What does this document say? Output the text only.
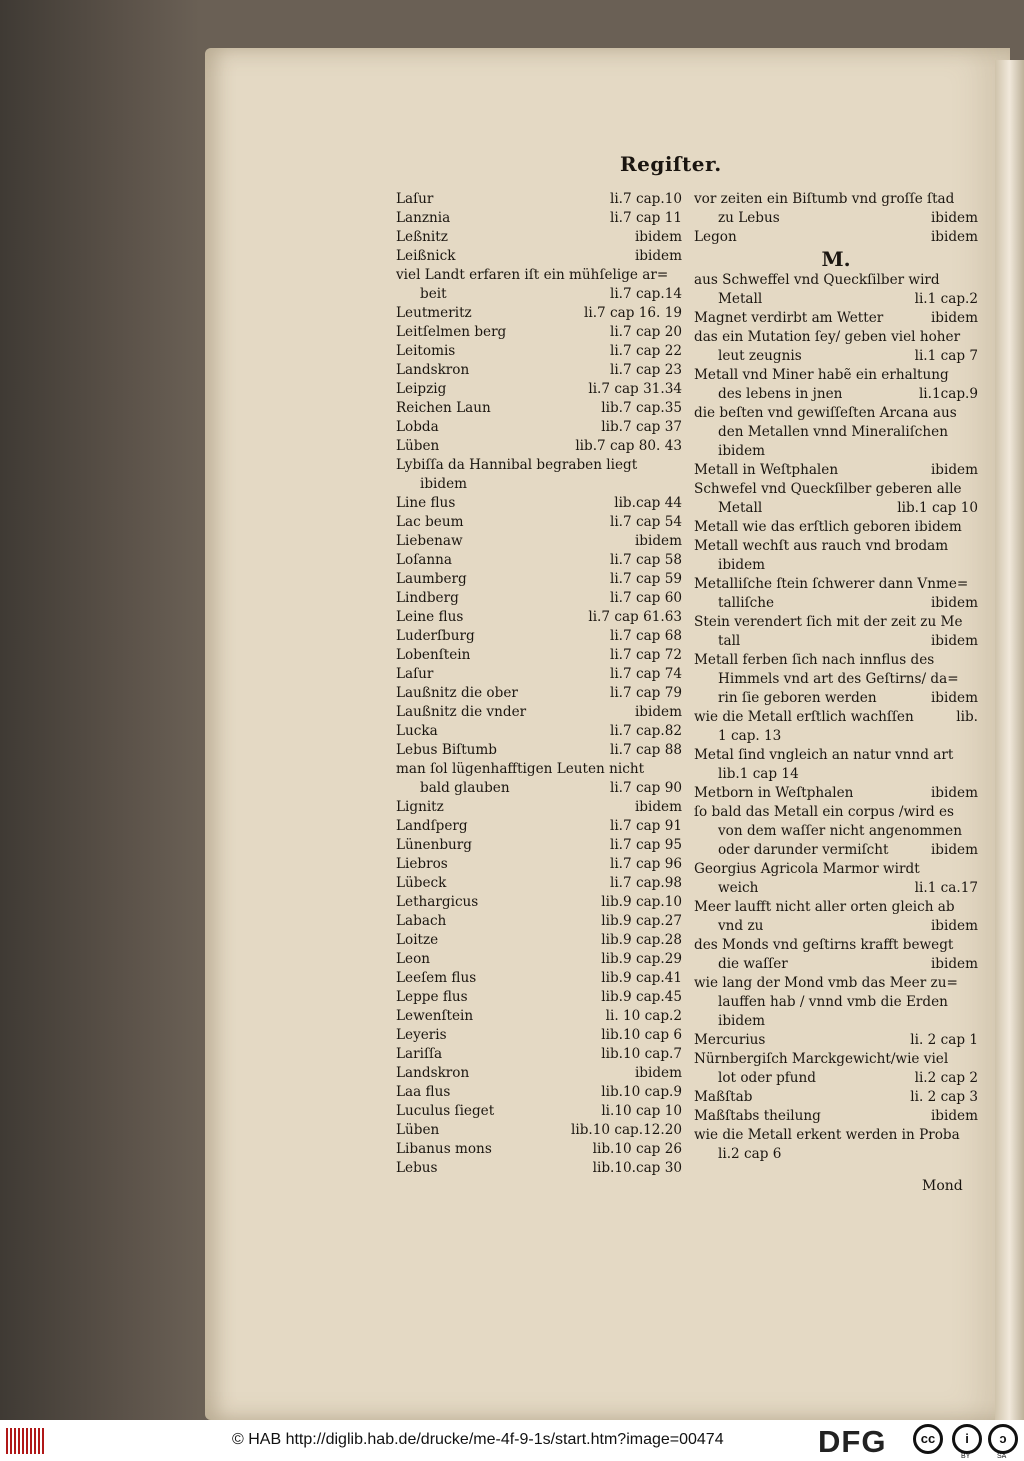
Regiſter.
Laſur	li.7 cap.10
Lanznia	li.7 cap 11
Leßnitz	ibidem
Leißnick	ibidem
viel Landt erfaren iſt ein mühſelige ar=
beit	li.7 cap.14
Leutmeritz	li.7 cap 16. 19
Leitſelmen berg	li.7 cap 20
Leitomis	li.7 cap 22
Landskron	li.7 cap 23
Leipzig	li.7 cap 31.34
Reichen Laun	lib.7 cap.35
Lobda	lib.7 cap 37
Lüben	lib.7 cap 80. 43
Lybiſſa da Hannibal begraben liegt
ibidem
Line flus	lib.cap 44
Lac beum	li.7 cap 54
Liebenaw	ibidem
Loſanna	li.7 cap 58
Laumberg	li.7 cap 59
Lindberg	li.7 cap 60
Leine flus	li.7 cap 61.63
Luderſburg	li.7 cap 68
Lobenſtein	li.7 cap 72
Laſur	li.7 cap 74
Laußnitz die ober	li.7 cap 79
Laußnitz die vnder	ibidem
Lucka	li.7 cap.82
Lebus Biſtumb	li.7 cap 88
man ſol lügenhafftigen Leuten nicht
bald glauben	li.7 cap 90
Lignitz	ibidem
Landſperg	li.7 cap 91
Lünenburg	li.7 cap 95
Liebros	li.7 cap 96
Lübeck	li.7 cap.98
Lethargicus	lib.9 cap.10
Labach	lib.9 cap.27
Loitze	lib.9 cap.28
Leon	lib.9 cap.29
Leeſem flus	lib.9 cap.41
Leppe flus	lib.9 cap.45
Lewenſtein	li. 10 cap.2
Leyeris	lib.10 cap 6
Lariſſa	lib.10 cap.7
Landskron	ibidem
Laa flus	lib.10 cap.9
Luculus ſieget	li.10 cap 10
Lüben	lib.10 cap.12.20
Libanus mons	lib.10 cap 26
Lebus	lib.10.cap 30
vor zeiten ein Biſtumb vnd groſſe ſtad
zu Lebus	ibidem
Legon	ibidem
M.
aus Schweffel vnd Queckſilber wird
Metall	li.1 cap.2
Magnet verdirbt am Wetter	ibidem
das ein Mutation ſey/ geben viel hoher
leut zeugnis	li.1 cap 7
Metall vnd Miner habẽ ein erhaltung
des lebens in jnen	li.1cap.9
die beſten vnd gewiſſeſten Arcana aus
den Metallen vnnd Mineraliſchen
ibidem
Metall in Weſtphalen	ibidem
Schwefel vnd Queckſilber geberen alle
Metall	lib.1 cap 10
Metall wie das erſtlich geboren ibidem
Metall wechſt aus rauch vnd brodam
ibidem
Metalliſche ſtein ſchwerer dann Vnme=
talliſche	ibidem
Stein verendert ſich mit der zeit zu Me
tall	ibidem
Metall ferben ſich nach innflus des
Himmels vnd art des Geſtirns/ da=
rin ſie geboren werden	ibidem
wie die Metall erſtlich wachſſen	lib.
1 cap. 13
Metal ſind vngleich an natur vnnd art
lib.1 cap 14
Metborn in Weſtphalen	ibidem
ſo bald das Metall ein corpus /wird es
von dem waſſer nicht angenommen
oder darunder vermiſcht	ibidem
Georgius Agricola Marmor wirdt
weich	li.1 ca.17
Meer laufft nicht aller orten gleich ab
vnd zu	ibidem
des Monds vnd geſtirns krafft bewegt
die waſſer	ibidem
wie lang der Mond vmb das Meer zu=
lauffen hab / vnnd vmb die Erden
ibidem
Mercurius	li. 2 cap 1
Nürnbergiſch Marckgewicht/wie viel
lot oder pfund	li.2 cap 2
Maßſtab	li. 2 cap 3
Maßſtabs theilung	ibidem
wie die Metall erkent werden in Proba
li.2 cap 6
Mond
© HAB http://diglib.hab.de/drucke/me-4f-9-1s/start.htm?image=00474	DFG	cc	i
BY
ↄ
SA
